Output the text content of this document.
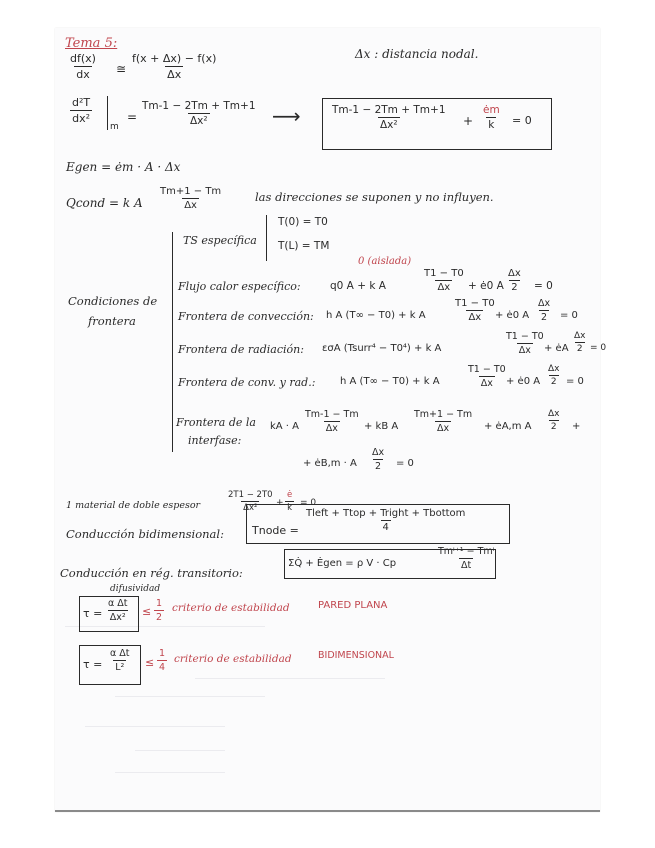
Tema 5:
$\frac{df(x)}{dx}$ ≅ $\frac{f(x + \Delta x) - f(x)}{\Delta x}$	Δx : distancia nodal.
$\frac{\text{d²T}}{\text{dx²}}$
m
= $\frac{Tm-1 - 2Tm + Tm+1}{\text{Δx²}}$ ⟶	$\frac{Tm-1 - 2Tm + Tm+1}{\text{Δx²}} + \frac{ėm}{k} = 0$
Egen = ėm · A · Δx
Qcond = k A $\frac{Tm+1 - Tm}{\Delta x}$	las direcciones se suponen y no influyen.
TS específica
T(0) = T0
T(L) = TM
Condiciones de
frontera
0 (aislada)
Flujo calor específico:	q0 A + k A	$\frac{T1 - T0}{\Delta x}$ + ė0 A $\frac{\Delta x}{2} = 0$
Frontera de convección: h A (T∞ − T0) + k A	$\frac{T1 - T0}{\Delta x}$
+ ė0 A $\frac{\Delta x}{2} = 0$
Frontera de radiación: εσA (Tsurr⁴ − T0⁴) + k A	$\frac{T1 - T0}{\Delta x}$
+ ėA $\frac{\Delta x}{2} = 0$
Frontera de conv. y rad.: h A (T∞ − T0) + k A	$\frac{T1 - T0}{\Delta x}$
+ ė0 A $\frac{\Delta x}{2} = 0$
Frontera de la
interfase:
kA · A $\frac{Tm-1 - Tm}{\Delta x}$ + kB A $\frac{Tm+1 - Tm}{\Delta x}$ + ėA,m A $\frac{\Delta x}{2}$ +
+ ėB,m · A $\frac{\Delta x}{2} = 0$
1 material de doble espesor	$\frac{2T1 - 2T0}{\text{Δx²}} + \frac{ė}{k} = 0$
Conducción bidimensional:	Tnode =
Tleft + Ttop + Tright + Tbottom
4
Conducción en rég. transitorio:
ΣQ̇ + Ėgen = ρ V · Cp
Tmⁱ⁺¹ − Tmⁱ
Δt
difusividad
$\tau = \frac{\text{α Δt}}{\text{Δx²}} \le \frac{1}{2}$ criterio de estabilidad	PARED PLANA
$\tau = \frac{\text{α Δt}}{\text{L²}} \le \frac{1}{4}$ criterio de estabilidad	BIDIMENSIONAL
